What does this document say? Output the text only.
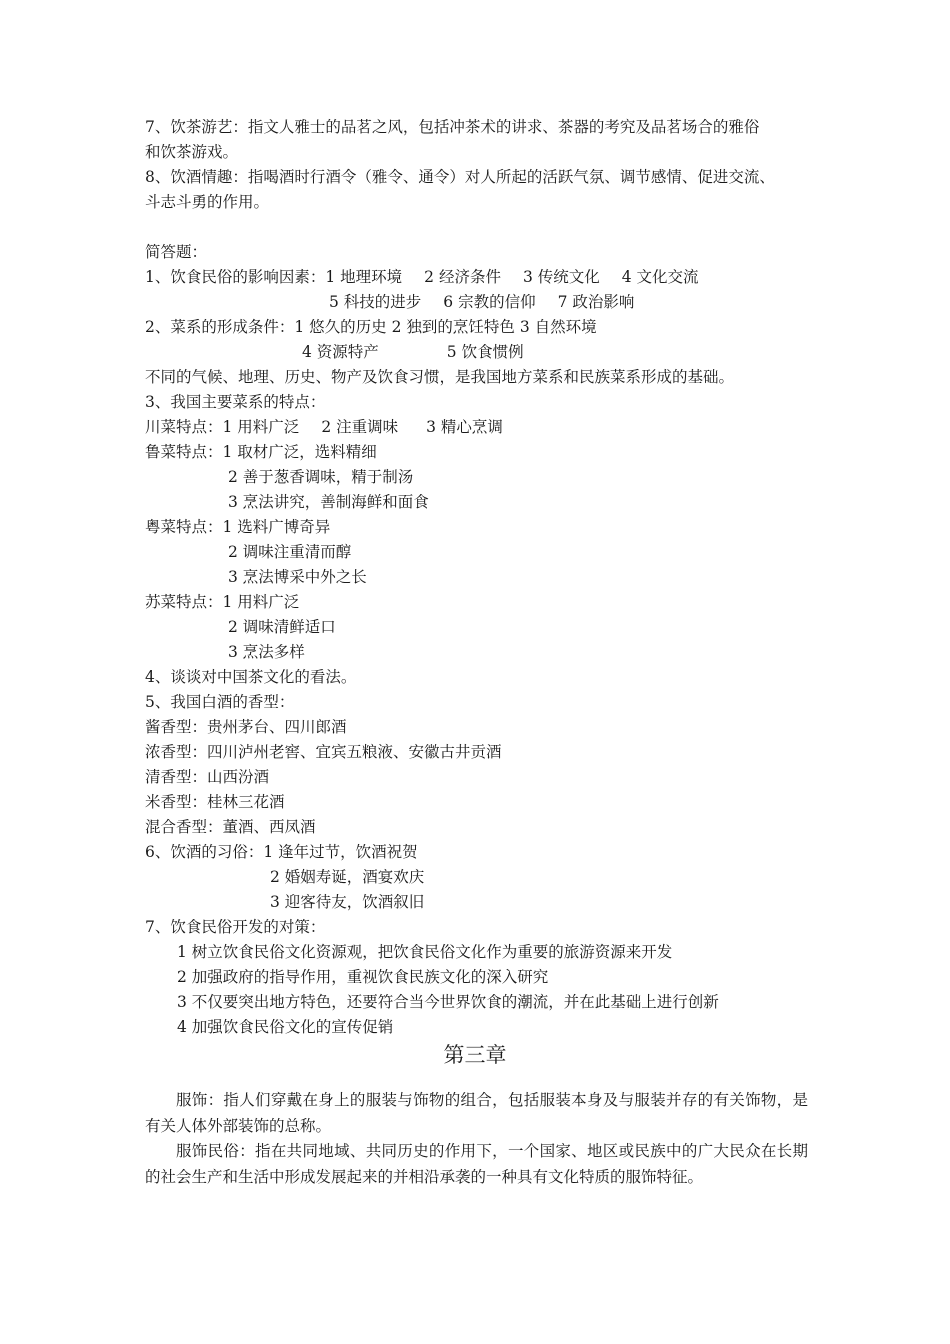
7、饮茶游艺：指文人雅士的品茗之风，包括冲茶术的讲求、茶器的考究及品茗场合的雅俗
和饮茶游戏。
8、饮酒情趣：指喝酒时行酒令（雅令、通令）对人所起的活跃气氛、调节感情、促进交流、
斗志斗勇的作用。
简答题：
1、饮食民俗的影响因素：1 地理环境 2 经济条件 3 传统文化 4 文化交流
5 科技的进步 6 宗教的信仰 7 政治影响
2、菜系的形成条件：1 悠久的历史 2 独到的烹饪特色 3 自然环境
4 资源特产	5 饮食惯例
不同的气候、地理、历史、物产及饮食习惯，是我国地方菜系和民族菜系形成的基础。
3、我国主要菜系的特点：
川菜特点：1 用料广泛 2 注重调味 3 精心烹调
鲁菜特点：1 取材广泛，选料精细
2 善于葱香调味，精于制汤
3 烹法讲究，善制海鲜和面食
粤菜特点：1 选料广博奇异
2 调味注重清而醇
3 烹法博采中外之长
苏菜特点：1 用料广泛
2 调味清鲜适口
3 烹法多样
4、谈谈对中国茶文化的看法。
5、我国白酒的香型：
酱香型：贵州茅台、四川郎酒
浓香型：四川泸州老窖、宜宾五粮液、安徽古井贡酒
清香型：山西汾酒
米香型：桂林三花酒
混合香型：董酒、西凤酒
6、饮酒的习俗：1 逢年过节，饮酒祝贺
2 婚姻寿诞，酒宴欢庆
3 迎客待友，饮酒叙旧
7、饮食民俗开发的对策：
1 树立饮食民俗文化资源观，把饮食民俗文化作为重要的旅游资源来开发
2 加强政府的指导作用，重视饮食民族文化的深入研究
3 不仅要突出地方特色，还要符合当今世界饮食的潮流，并在此基础上进行创新
4 加强饮食民俗文化的宣传促销
第三章
服饰：指人们穿戴在身上的服装与饰物的组合，包括服装本身及与服装并存的有关饰物，是有关人体外部装饰的总称。
服饰民俗：指在共同地域、共同历史的作用下，一个国家、地区或民族中的广大民众在长期的社会生产和生活中形成发展起来的并相沿承袭的一种具有文化特质的服饰特征。
